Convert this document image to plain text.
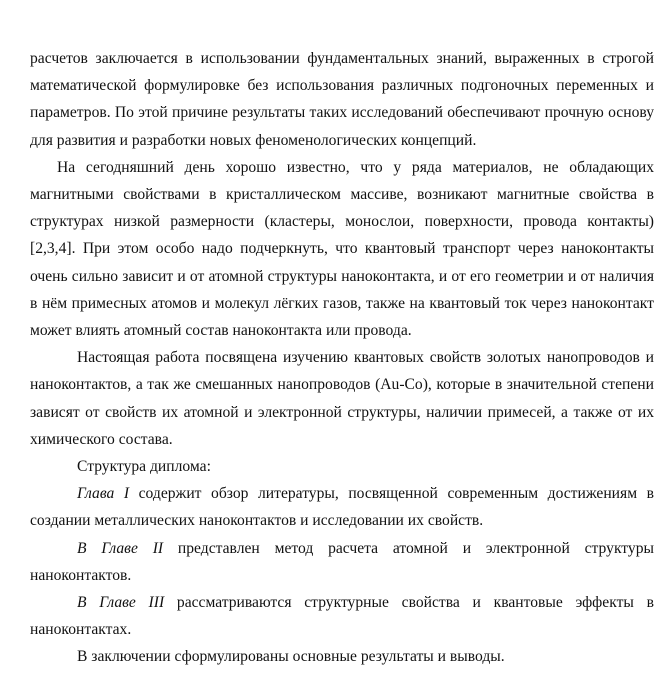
расчетов заключается в использовании фундаментальных знаний, выраженных в строгой математической формулировке без использования различных подгоночных переменных и параметров. По этой причине результаты таких исследований обеспечивают прочную основу для развития и разработки новых феноменологических концепций.

На сегодняшний день хорошо известно, что у ряда материалов, не обладающих магнитными свойствами в кристаллическом массиве, возникают магнитные свойства в структурах низкой размерности (кластеры, монослои, поверхности, провода контакты) [2,3,4]. При этом особо надо подчеркнуть, что квантовый транспорт через наноконтакты очень сильно зависит и от атомной структуры наноконтакта, и от его геометрии и от наличия в нём примесных атомов и молекул лёгких газов, также на квантовый ток через наноконтакт может влиять атомный состав наноконтакта или провода.

Настоящая работа посвящена изучению квантовых свойств золотых нанопроводов и наноконтактов, а так же смешанных нанопроводов (Au-Co), которые в значительной степени зависят от свойств их атомной и электронной структуры, наличии примесей, а также от их химического состава.

Структура диплома:

Глава I содержит обзор литературы, посвященной современным достижениям в создании металлических наноконтактов и исследовании их свойств.

В Главе II представлен метод расчета атомной и электронной структуры наноконтактов.

В Главе III рассматриваются структурные свойства и квантовые эффекты в наноконтактах.

В заключении сформулированы основные результаты и выводы.
